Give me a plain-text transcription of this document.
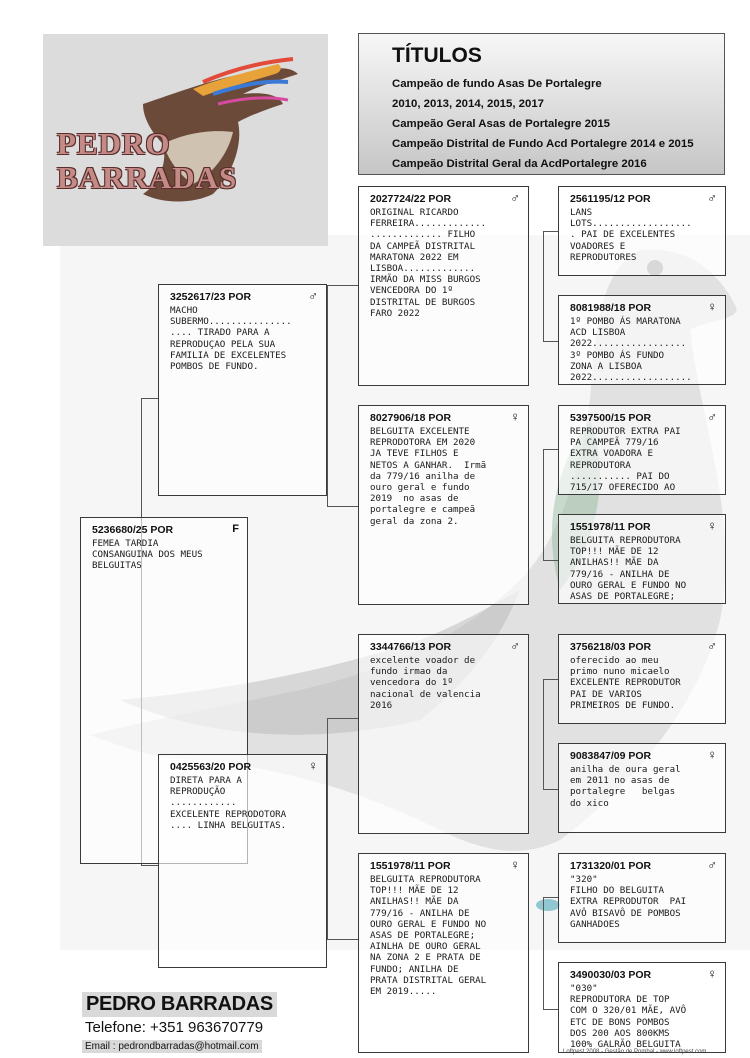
PEDRO
BARRADAS
TÍTULOS
Campeão de fundo Asas De Portalegre
2010, 2013, 2014, 2015, 2017
Campeão Geral Asas de Portalegre 2015
Campeão Distrital de Fundo Acd Portalegre 2014 e 2015
Campeão Distrital Geral da AcdPortalegre 2016
5236680/25 POR	F
FEMEA TARDIA
CONSANGUINA DOS MEUS
BELGUITAS
3252617/23 POR	♂
MACHO
SUBERMO...............
.... TIRADO PARA A
REPRODUÇAO PELA SUA
FAMILIA DE EXCELENTES
POMBOS DE FUNDO.
0425563/20 POR	♀
DIRETA PARA A
REPRODUÇÃO
............
EXCELENTE REPRODOTORA
.... LINHA BELGUITAS.
2027724/22 POR	♂
ORIGINAL RICARDO
FERREIRA.............
............. FILHO
DA CAMPEÃ DISTRITAL
MARATONA 2022 EM
LISBOA.............
IRMÃO DA MISS BURGOS
VENCEDORA DO 1º
DISTRITAL DE BURGOS
FARO 2022
8027906/18 POR	♀
BELGUITA EXCELENTE
REPRODOTORA EM 2020
JA TEVE FILHOS E
NETOS A GANHAR.  Irmã
da 779/16 anilha de
ouro geral e fundo
2019  no asas de
portalegre e campeã
geral da zona 2.
3344766/13 POR	♂
excelente voador de
fundo irmao da
vencedora do 1º
nacional de valencia
2016
1551978/11 POR	♀
BELGUITA REPRODUTORA
TOP!!! MÃE DE 12
ANILHAS!! MÃE DA
779/16 - ANILHA DE
OURO GERAL E FUNDO NO
ASAS DE PORTALEGRE;
AINLHA DE OURO GERAL
NA ZONA 2 E PRATA DE
FUNDO; ANILHA DE
PRATA DISTRITAL GERAL
EM 2019.....
2561195/12 POR	♂
LANS
LOTS..................
. PAI DE EXCELENTES
VOADORES E
REPRODUTORES
8081988/18 POR	♀
1º POMBO ÁS MARATONA
ACD LISBOA
2022.................
3º POMBO ÁS FUNDO
ZONA A LISBOA
2022..................
5397500/15 POR	♂
REPRODUTOR EXTRA PAI
PA CAMPEÃ 779/16
EXTRA VOADORA E
REPRODUTORA
........... PAI DO
715/17 OFERECIDO AO
1551978/11 POR	♀
BELGUITA REPRODUTORA
TOP!!! MÃE DE 12
ANILHAS!! MÃE DA
779/16 - ANILHA DE
OURO GERAL E FUNDO NO
ASAS DE PORTALEGRE;
3756218/03 POR	♂
oferecido ao meu
primo nuno micaelo
EXCELENTE REPRODUTOR
PAI DE VARIOS
PRIMEIROS DE FUNDO.
9083847/09 POR	♀
anilha de oura geral
em 2011 no asas de
portalegre   belgas
do xico
1731320/01 POR	♂
"320"
FILHO DO BELGUITA
EXTRA REPRODUTOR  PAI
AVÔ BISAVÔ DE POMBOS
GANHADOES
3490030/03 POR	♀
"030"
REPRODUTORA DE TOP
COM O 320/01 MÃE, AVÔ
ETC DE BONS POMBOS
DOS 200 AOS 800KMS
100% GALRÃO BELGUITA
PEDRO BARRADAS
Telefone: +351 963670779
Email : pedrondbarradas@hotmail.com	Loftpest 2008 - Gestão de Pombal - www.loftpest.com
